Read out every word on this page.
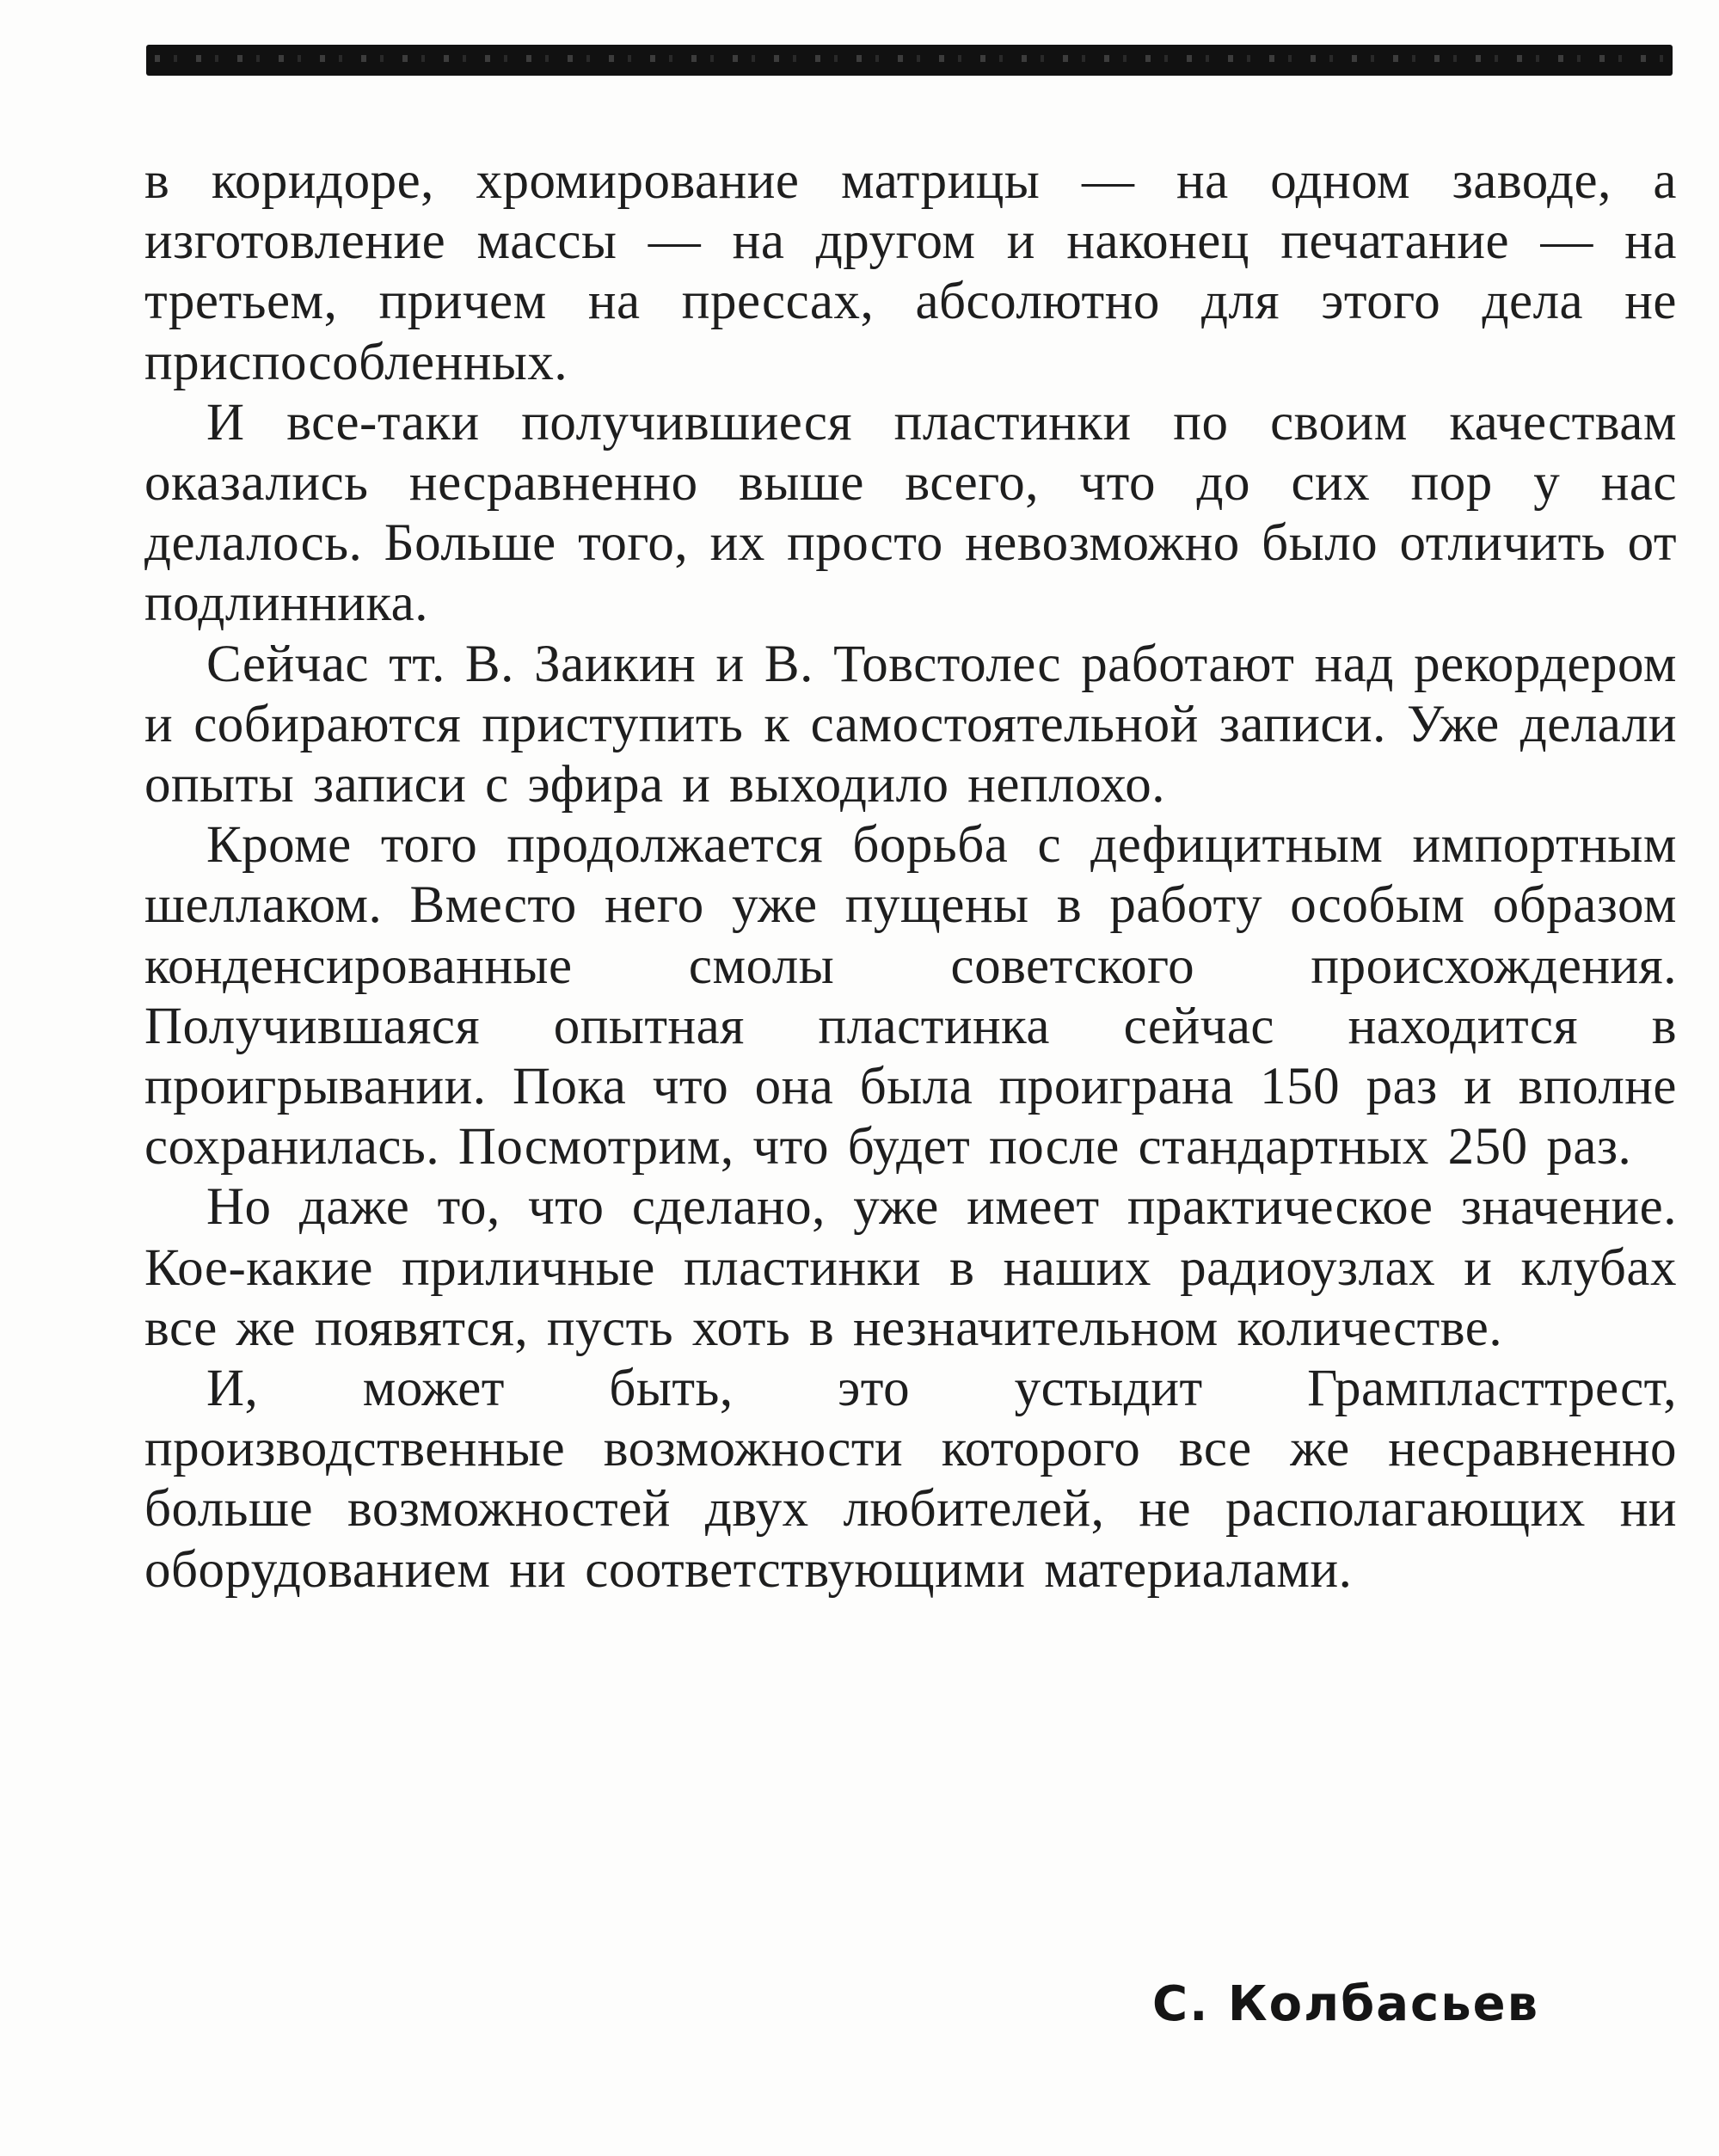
в коридоре, хромирование матрицы — на одном заводе, а изготовление массы — на другом и наконец печатание — на третьем, причем на прессах, абсолютно для этого дела не приспособленных.

И все-таки получившиеся пластинки по своим качествам оказались несравненно выше всего, что до сих пор у нас делалось. Больше того, их просто невозможно было отличить от подлинника.

Сейчас тт. В. Заикин и В. Товстолес работают над рекордером и собираются приступить к самостоятельной записи. Уже делали опыты записи с эфира и выходило неплохо.

Кроме того продолжается борьба с дефицитным импортным шеллаком. Вместо него уже пущены в работу особым образом конденсированные смолы советского происхождения. Получившаяся опытная пластинка сейчас находится в проигрывании. Пока что она была проиграна 150 раз и вполне сохранилась. Посмотрим, что будет после стандартных 250 раз.

Но даже то, что сделано, уже имеет практическое значение. Кое-какие приличные пластинки в наших радиоузлах и клубах все же появятся, пусть хоть в незначительном количестве.

И, может быть, это устыдит Грампласттрест, производственные возможности которого все же несравненно больше возможностей двух любителей, не располагающих ни оборудованием ни соответствующими материалами.

С. Колбасьев
